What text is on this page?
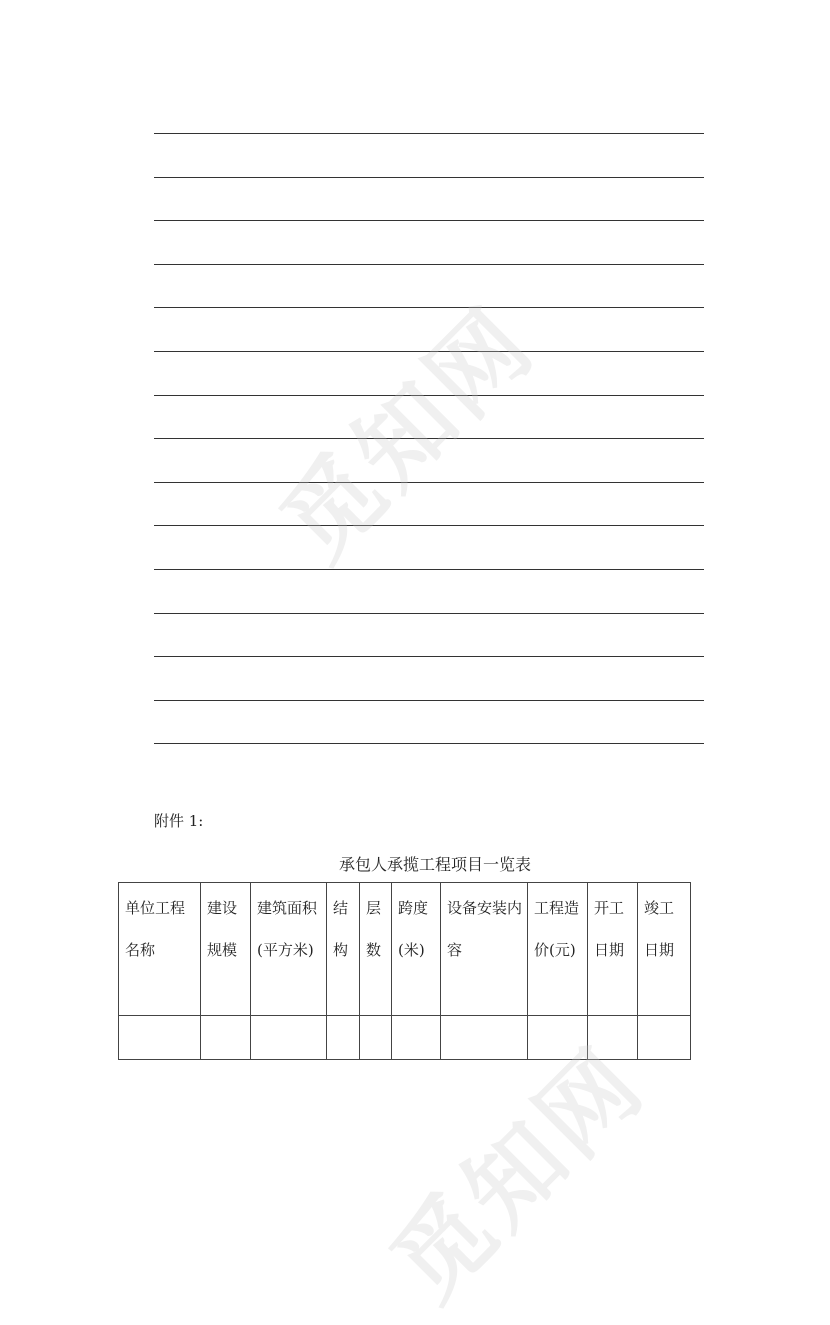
附件 1:
承包人承揽工程项目一览表
单位工程名称	建设规模	建筑面积(平方米)	结构	层数	跨度(米)	设备安装内容	工程造价(元)	开工日期	竣工日期

觅知网
觅知网
